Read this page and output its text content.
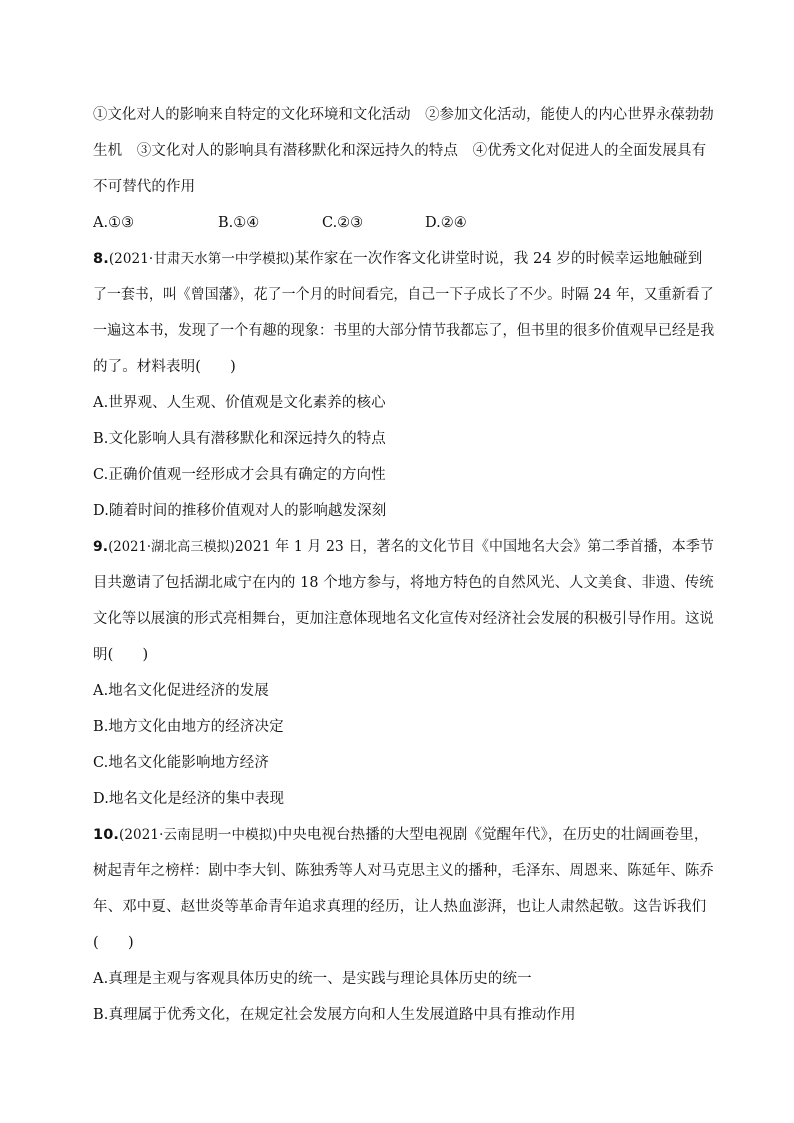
①文化对人的影响来自特定的文化环境和文化活动　②参加文化活动，能使人的内心世界永葆勃勃
生机　③文化对人的影响具有潜移默化和深远持久的特点　④优秀文化对促进人的全面发展具有
不可替代的作用
A.①③	B.①④	C.②③	D.②④
8.(2021·甘肃天水第一中学模拟)某作家在一次作客文化讲堂时说，我 24 岁的时候幸运地触碰到
了一套书，叫《曾国藩》，花了一个月的时间看完，自己一下子成长了不少。时隔 24 年，又重新看了
一遍这本书，发现了一个有趣的现象：书里的大部分情节我都忘了，但书里的很多价值观早已经是我
的了。材料表明(　　)
A.世界观、人生观、价值观是文化素养的核心
B.文化影响人具有潜移默化和深远持久的特点
C.正确价值观一经形成才会具有确定的方向性
D.随着时间的推移价值观对人的影响越发深刻
9.(2021·湖北高三模拟)2021 年 1 月 23 日，著名的文化节目《中国地名大会》第二季首播，本季节
目共邀请了包括湖北咸宁在内的 18 个地方参与，将地方特色的自然风光、人文美食、非遗、传统
文化等以展演的形式亮相舞台，更加注意体现地名文化宣传对经济社会发展的积极引导作用。这说
明(　　)
A.地名文化促进经济的发展
B.地方文化由地方的经济决定
C.地名文化能影响地方经济
D.地名文化是经济的集中表现
10.(2021·云南昆明一中模拟)中央电视台热播的大型电视剧《觉醒年代》，在历史的壮阔画卷里，
树起青年之榜样：剧中李大钊、陈独秀等人对马克思主义的播种，毛泽东、周恩来、陈延年、陈乔
年、邓中夏、赵世炎等革命青年追求真理的经历，让人热血澎湃，也让人肃然起敬。这告诉我们
(　　)
A.真理是主观与客观具体历史的统一、是实践与理论具体历史的统一
B.真理属于优秀文化，在规定社会发展方向和人生发展道路中具有推动作用
